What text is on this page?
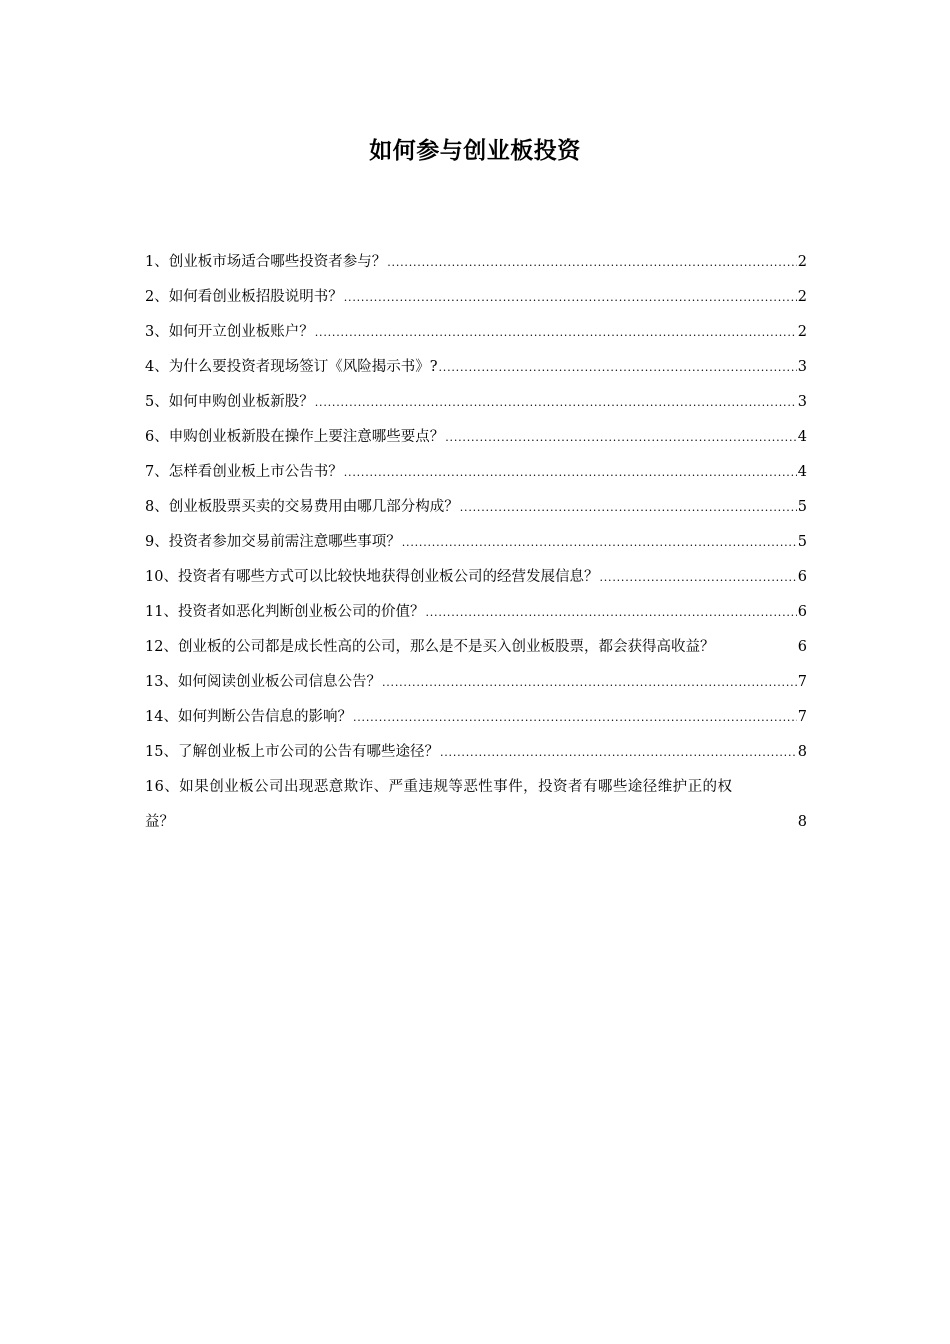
如何参与创业板投资
1、创业板市场适合哪些投资者参与？ .....	2
2、如何看创业板招股说明书？ .....	2
3、如何开立创业板账户？ .....	2
4、为什么要投资者现场签订《风险揭示书》? .....	3
5、如何申购创业板新股？ .....	3
6、申购创业板新股在操作上要注意哪些要点？ .....	4
7、怎样看创业板上市公告书？ .....	4
8、创业板股票买卖的交易费用由哪几部分构成？ .....	5
9、投资者参加交易前需注意哪些事项？ .....	5
10、投资者有哪些方式可以比较快地获得创业板公司的经营发展信息？ .....	6
11、投资者如恶化判断创业板公司的价值？ .....	6
12、创业板的公司都是成长性高的公司，那么是不是买入创业板股票，都会获得高收益？	6
13、如何阅读创业板公司信息公告？ .....	7
14、如何判断公告信息的影响？ .....	7
15、了解创业板上市公司的公告有哪些途径？ .....	8
16、如果创业板公司出现恶意欺诈、严重违规等恶性事件，投资者有哪些途径维护正的权
益？	8
